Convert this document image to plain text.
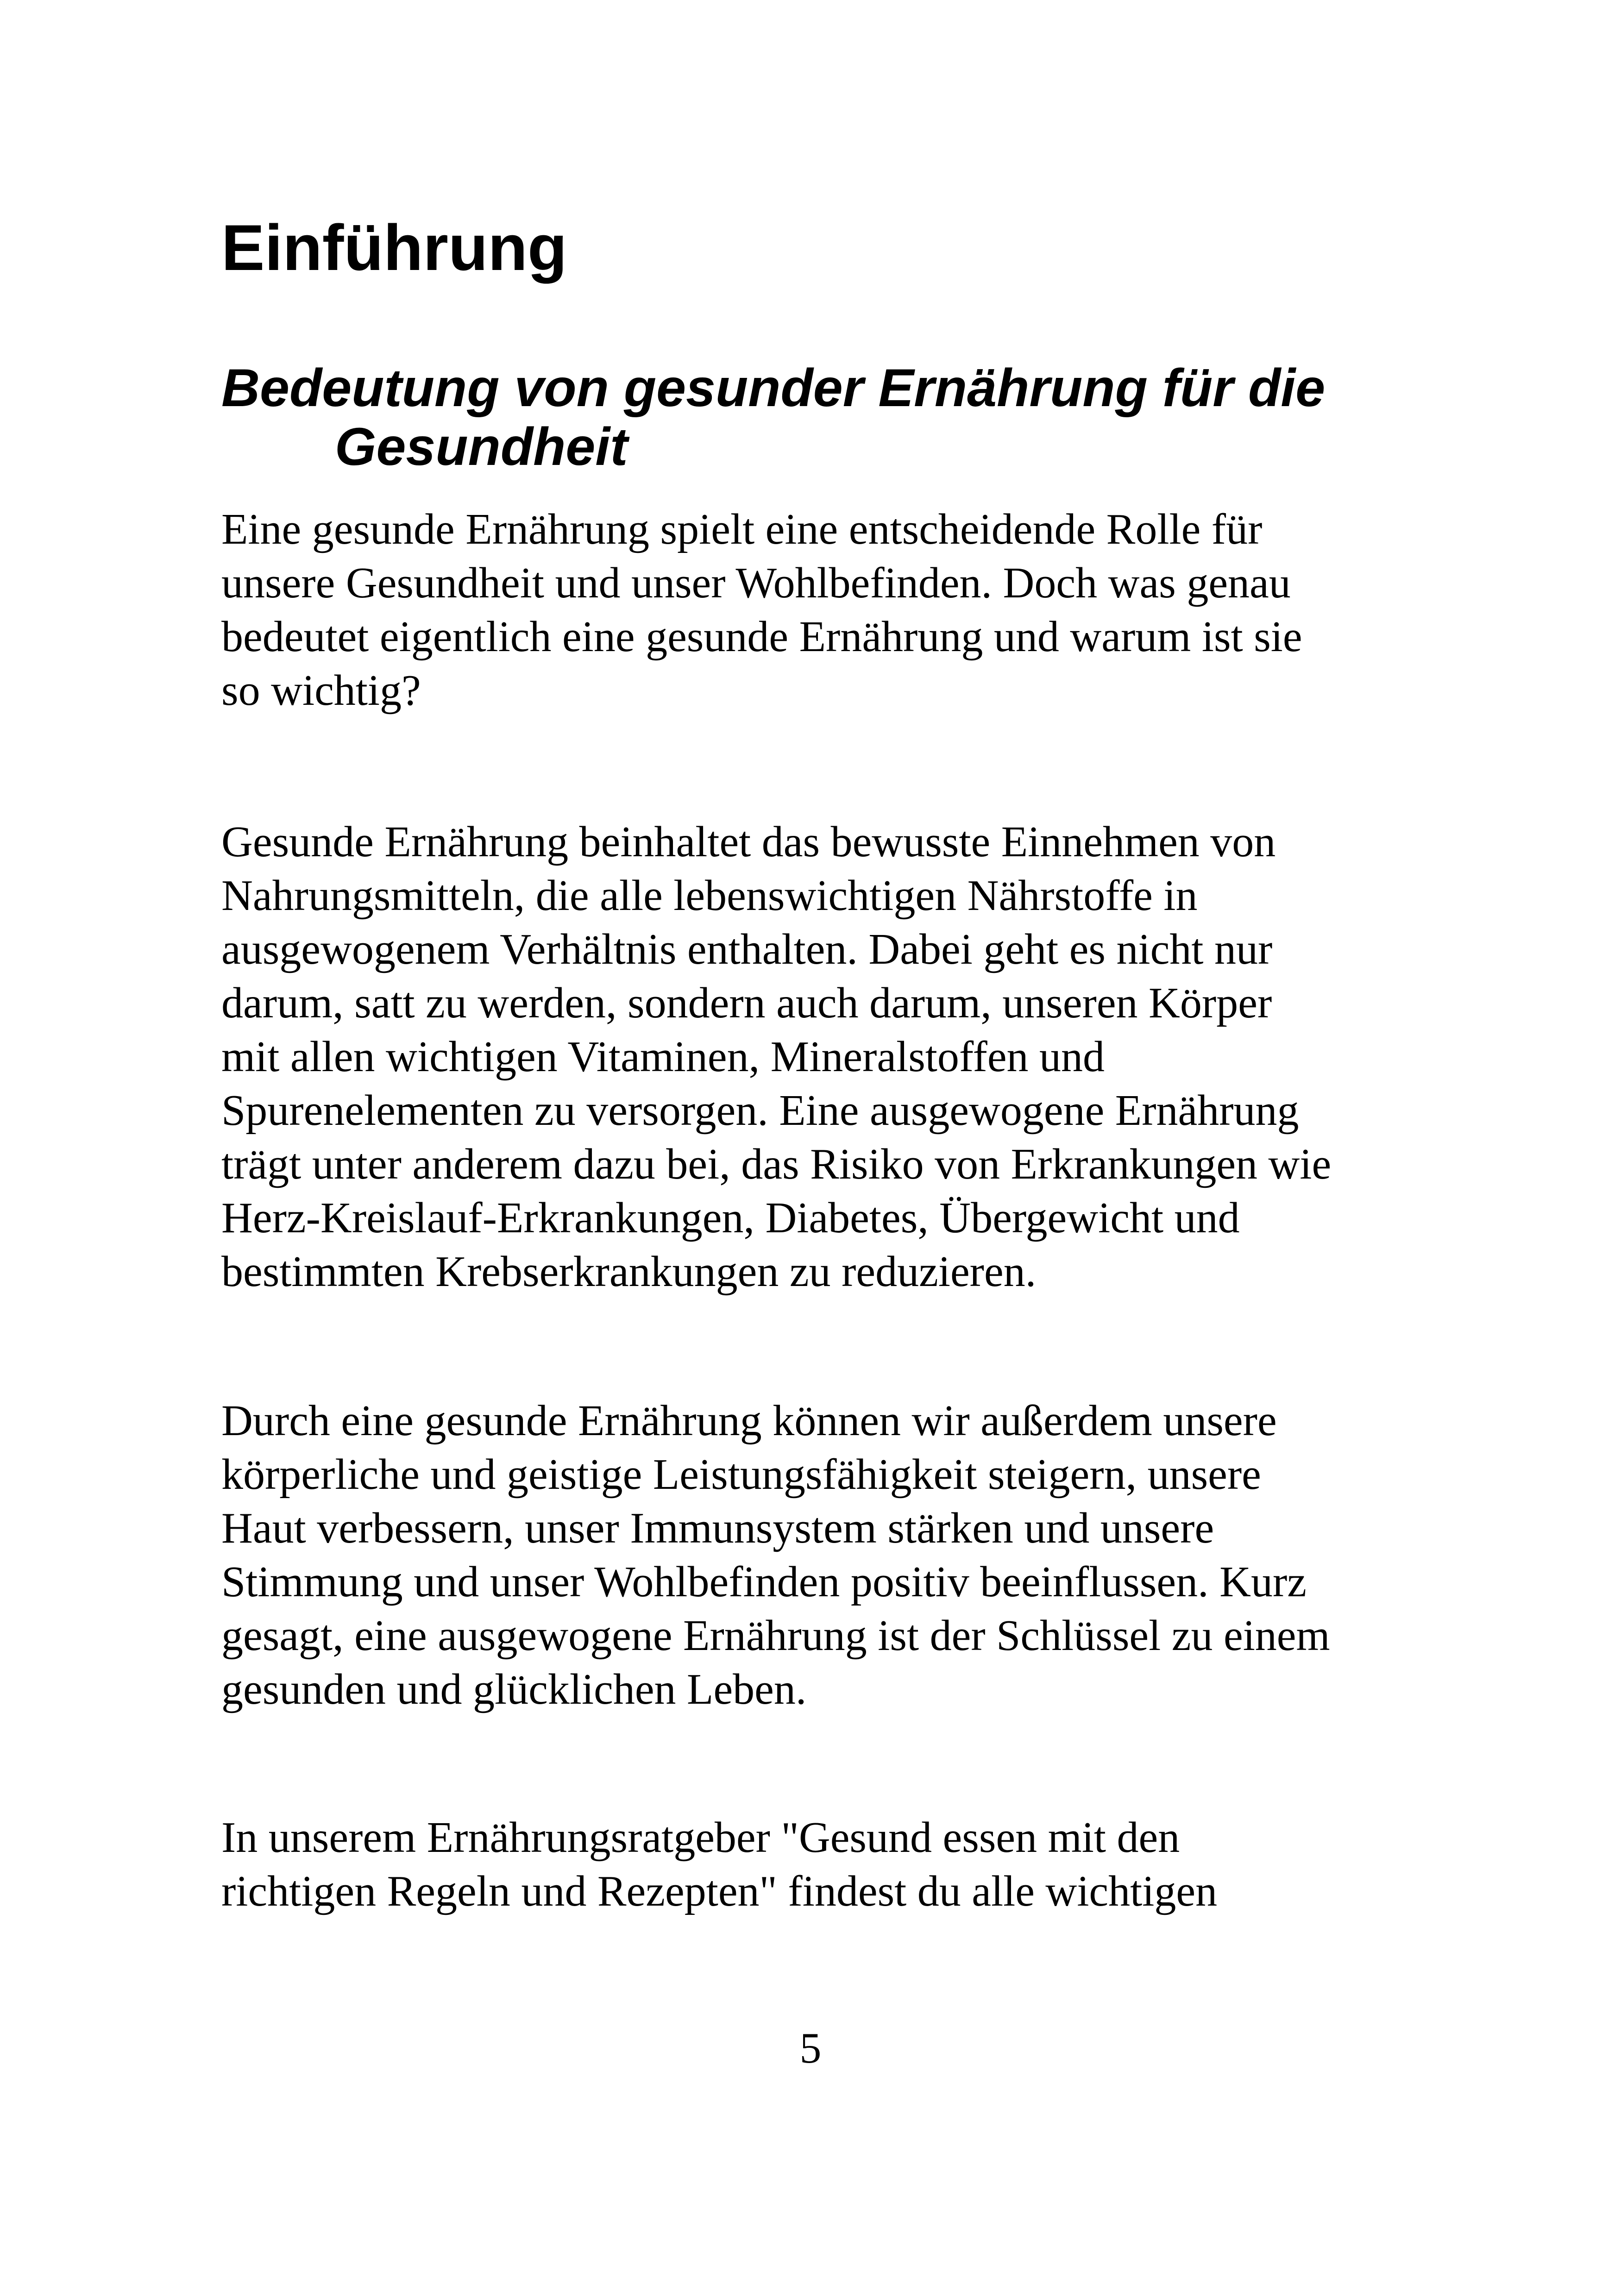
Einführung
Bedeutung von gesunder Ernährung für die
Gesundheit

Eine gesunde Ernährung spielt eine entscheidende Rolle für
unsere Gesundheit und unser Wohlbefinden. Doch was genau
bedeutet eigentlich eine gesunde Ernährung und warum ist sie
so wichtig?

Gesunde Ernährung beinhaltet das bewusste Einnehmen von
Nahrungsmitteln, die alle lebenswichtigen Nährstoffe in
ausgewogenem Verhältnis enthalten. Dabei geht es nicht nur
darum, satt zu werden, sondern auch darum, unseren Körper
mit allen wichtigen Vitaminen, Mineralstoffen und
Spurenelementen zu versorgen. Eine ausgewogene Ernährung
trägt unter anderem dazu bei, das Risiko von Erkrankungen wie
Herz-Kreislauf-Erkrankungen, Diabetes, Übergewicht und
bestimmten Krebserkrankungen zu reduzieren.

Durch eine gesunde Ernährung können wir außerdem unsere
körperliche und geistige Leistungsfähigkeit steigern, unsere
Haut verbessern, unser Immunsystem stärken und unsere
Stimmung und unser Wohlbefinden positiv beeinflussen. Kurz
gesagt, eine ausgewogene Ernährung ist der Schlüssel zu einem
gesunden und glücklichen Leben.

In unserem Ernährungsratgeber "Gesund essen mit den
richtigen Regeln und Rezepten" findest du alle wichtigen

5
